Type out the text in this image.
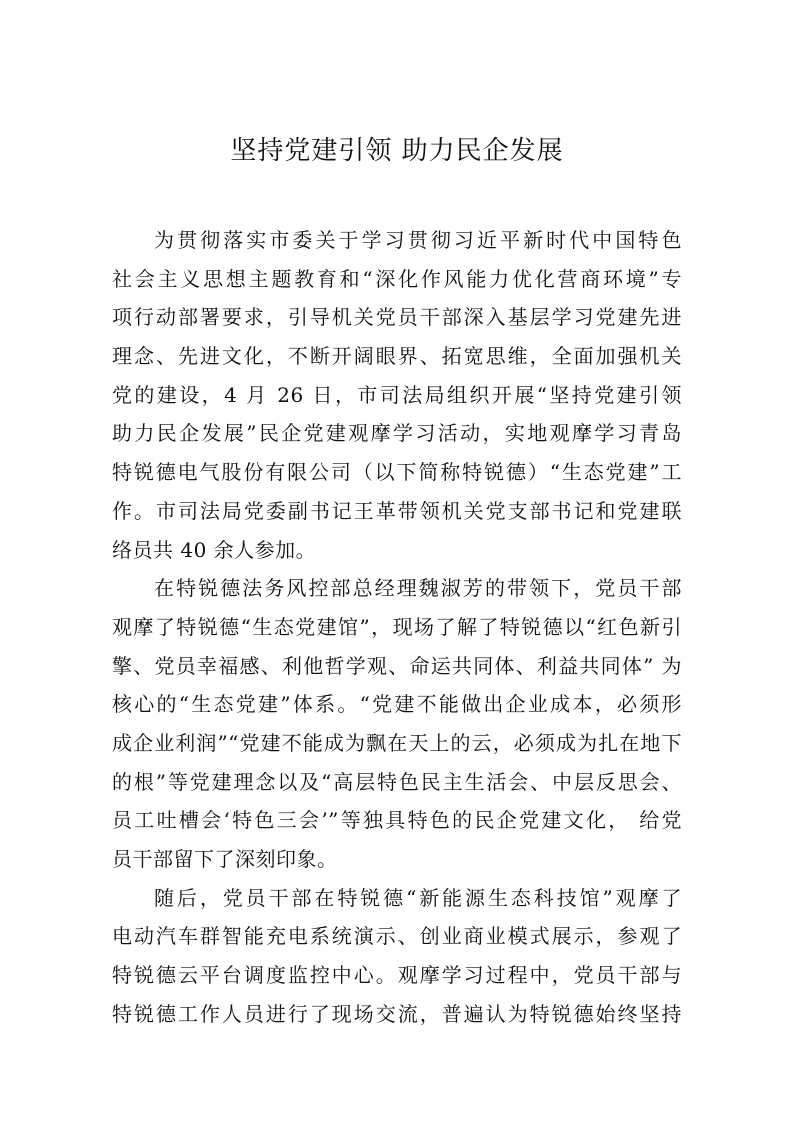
坚持党建引领 助力民企发展
为贯彻落实市委关于学习贯彻习近平新时代中国特色
社会主义思想主题教育和“深化作风能力优化营商环境”专
项行动部署要求，引导机关党员干部深入基层学习党建先进
理念、先进文化，不断开阔眼界、拓宽思维，全面加强机关
党的建设，4 月 26 日，市司法局组织开展“坚持党建引领
助力民企发展”民企党建观摩学习活动，实地观摩学习青岛
特锐德电气股份有限公司（以下简称特锐德）“生态党建”工
作。市司法局党委副书记王革带领机关党支部书记和党建联
络员共 40 余人参加。
在特锐德法务风控部总经理魏淑芳的带领下，党员干部
观摩了特锐德“生态党建馆”，现场了解了特锐德以“红色新引
擎、党员幸福感、利他哲学观、命运共同体、利益共同体” 为
核心的“生态党建”体系。“党建不能做出企业成本，必须形
成企业利润”“党建不能成为飘在天上的云，必须成为扎在地下
的根”等党建理念以及“高层特色民主生活会、中层反思会、
员工吐槽会‘特色三会’”等独具特色的民企党建文化， 给党
员干部留下了深刻印象。
随后，党员干部在特锐德“新能源生态科技馆”观摩了
电动汽车群智能充电系统演示、创业商业模式展示，参观了
特锐德云平台调度监控中心。观摩学习过程中，党员干部与
特锐德工作人员进行了现场交流，普遍认为特锐德始终坚持
